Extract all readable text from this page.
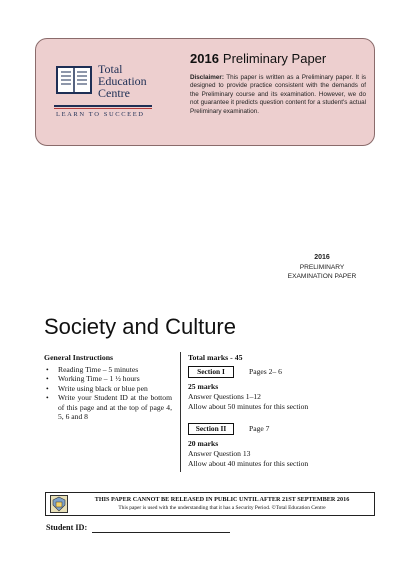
Total
Education
Centre
LEARN TO SUCCEED
2016 Preliminary Paper
Disclaimer: This paper is written as a Preliminary paper. It is designed to provide practice consistent with the demands of the Preliminary course and its examination. However, we do not guarantee it predicts question content for a student's actual Preliminary examination.
2016
PRELIMINARY
EXAMINATION PAPER
Society and Culture
General Instructions
• Reading Time – 5 minutes
• Working Time – 1 ½ hours
• Write using black or blue pen
• Write your Student ID at the bottom of this page and at the top of page 4, 5, 6 and 8
Total marks - 45
Section I	Pages 2– 6
25 marks
Answer Questions 1–12
Allow about 50 minutes for this section
Section II	Page 7
20 marks
Answer Question 13
Allow about 40 minutes for this section
THIS PAPER CANNOT BE RELEASED IN PUBLIC UNTIL AFTER 21ST SEPTEMBER 2016
This paper is used with the understanding that it has a Security Period. ©Total Education Centre
Student ID:
